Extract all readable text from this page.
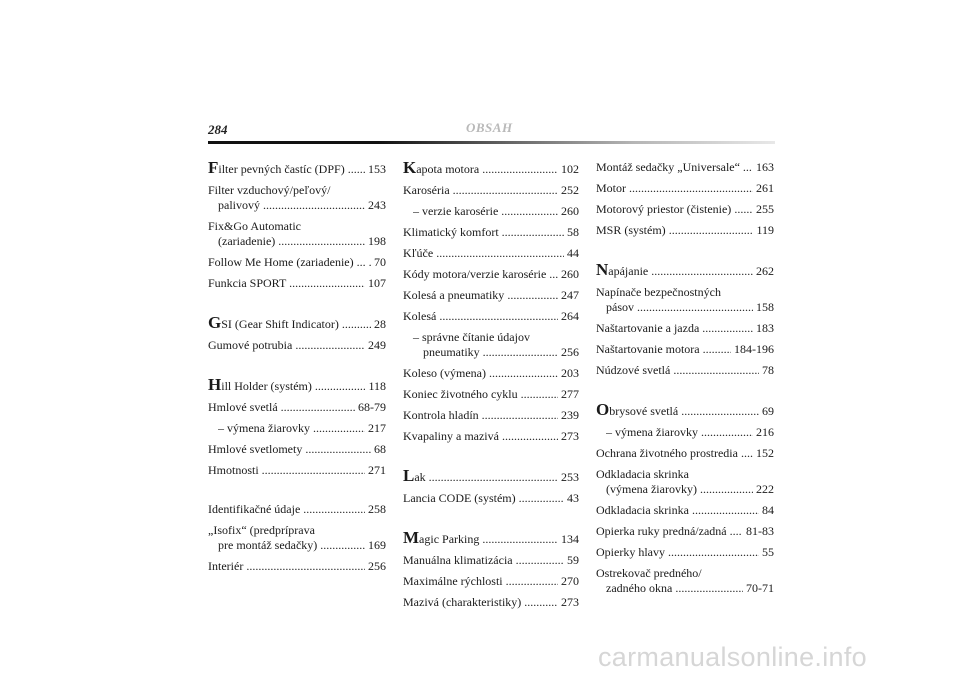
284	OBSAH
Filter pevných častíc (DPF) .....	153
Filter vzduchový/peľový/
palivový .....	243
Fix&Go Automatic
(zariadenie) .....	198
Follow Me Home (zariadenie) ... ..... 70
Funkcia SPORT .....	107
GSI (Gear Shift Indicator) .....	28
Gumové potrubia .....	249
Hill Holder (systém) .....	118
Hmlové svetlá .....	68-79
– výmena žiarovky .....	217
Hmlové svetlomety .....	68
Hmotnosti .....	271
Identifikačné údaje .....	258
„Isofix“ (predpríprava
pre montáž sedačky) .....	169
Interiér .....	256
Kapota motora .....	102
Karoséria .....	252
– verzie karosérie .....	260
Klimatický komfort .....	58
Kľúče .....	44
Kódy motora/verzie karosérie ... ..... 260
Kolesá a pneumatiky .....	247
Kolesá .....	264
– správne čítanie údajov
pneumatiky .....	256
Koleso (výmena) .....	203
Koniec životného cyklu .....	277
Kontrola hladín .....	239
Kvapaliny a mazivá .....	273
Lak .....	253
Lancia CODE (systém) .....	43
Magic Parking .....	134
Manuálna klimatizácia .....	59
Maximálne rýchlosti .....	270
Mazivá (charakteristiky) .....	273
Montáž sedačky „Universale“ ... ..... 163
Motor .....	261
Motorový priestor (čistenie) .....	255
MSR (systém) .....	119
Napájanie .....	262
Napínače bezpečnostných
pásov .....	158
Naštartovanie a jazda .....	183
Naštartovanie motora .....	184-196
Núdzové svetlá .....	78
Obrysové svetlá .....	69
– výmena žiarovky .....	216
Ochrana životného prostredia .... ..... 152
Odkladacia skrinka
(výmena žiarovky) .....	222
Odkladacia skrinka .....	84
Opierka ruky predná/zadná .... ..... 81-83
Opierky hlavy .....	55
Ostrekovač predného/
zadného okna .....	70-71
carmanualsonline.info
